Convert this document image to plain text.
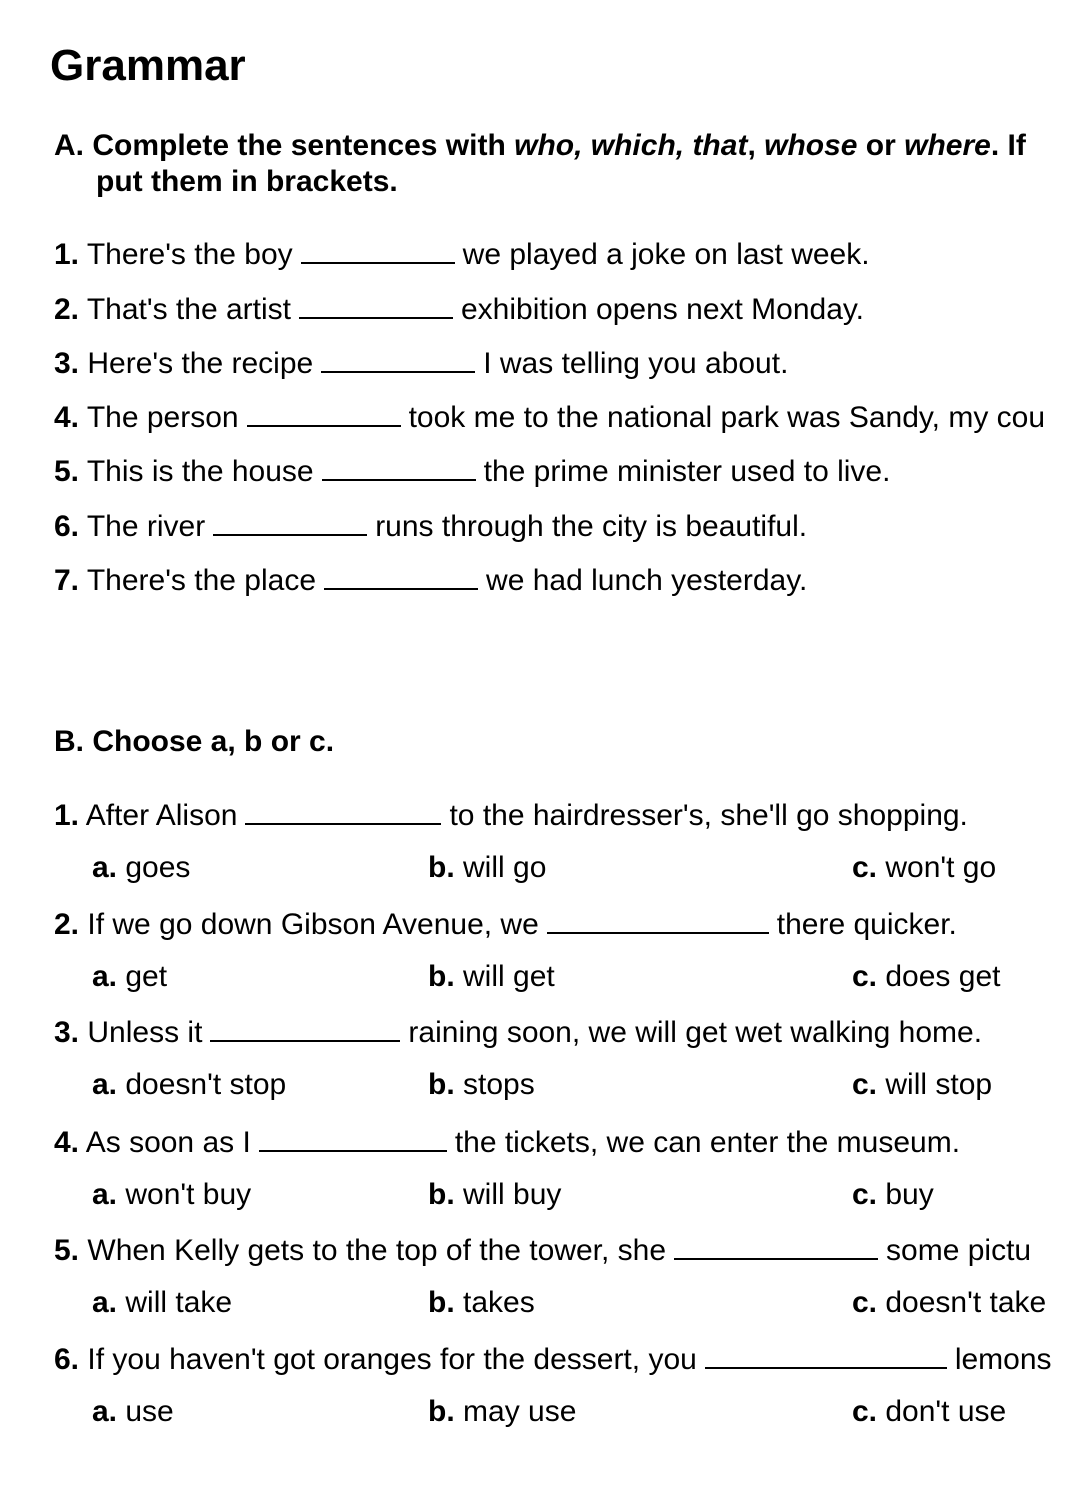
Grammar
A. Complete the sentences with who, which, that, whose or where. If
put them in brackets.
1. There's the boy	we played a joke on last week.
2. That's the artist	exhibition opens next Monday.
3. Here's the recipe	I was telling you about.
4. The person	took me to the national park was Sandy, my cou
5. This is the house	the prime minister used to live.
6. The river	runs through the city is beautiful.
7. There's the place	we had lunch yesterday.
B. Choose a, b or c.
1. After Alison	to the hairdresser's, she'll go shopping.
a. goes	b. will go	c. won't go
2. If we go down Gibson Avenue, we	there quicker.
a. get	b. will get	c. does get
3. Unless it	raining soon, we will get wet walking home.
a. doesn't stop	b. stops	c. will stop
4. As soon as I	the tickets, we can enter the museum.
a. won't buy	b. will buy	c. buy
5. When Kelly gets to the top of the tower, she	some pictu
a. will take	b. takes	c. doesn't take
6. If you haven't got oranges for the dessert, you	lemons
a. use	b. may use	c. don't use
